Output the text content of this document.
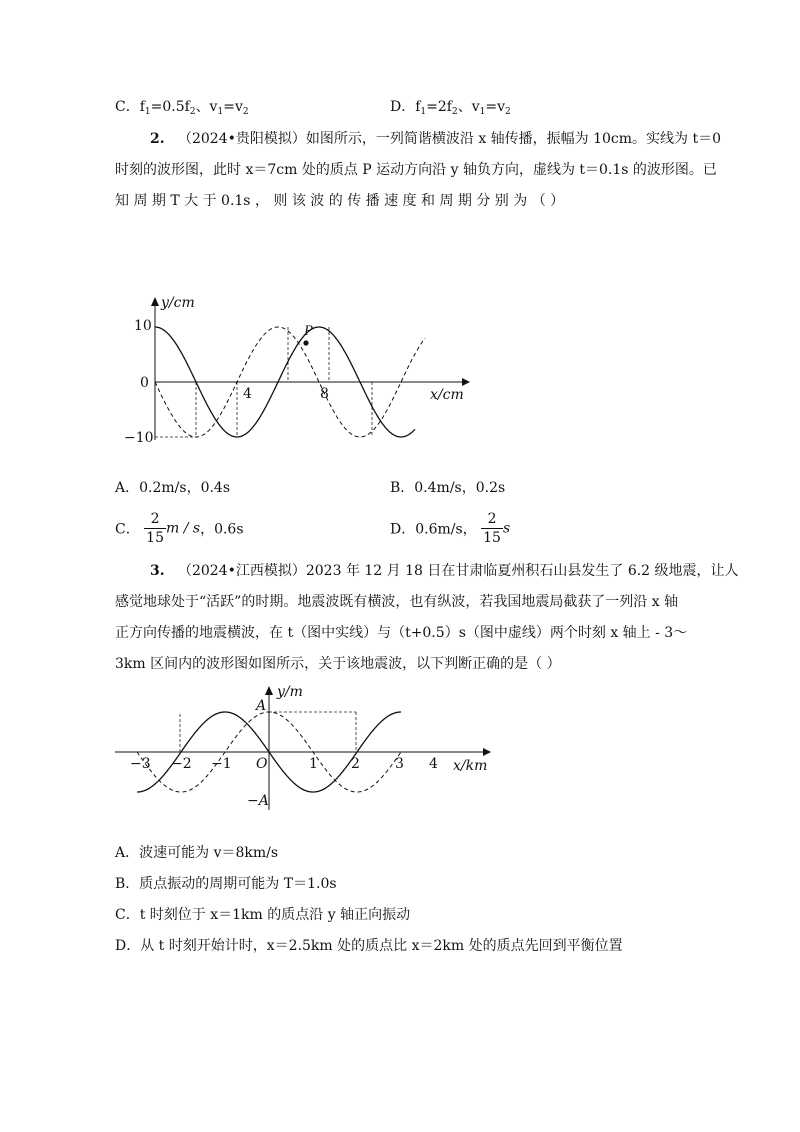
C．$f_1=0.5f_2$、$v_1=v_2$	D．$f_1=2f_2$、$v_1=v_2$
2. （2024•贵阳模拟）如图所示，一列简谐横波沿 x 轴传播，振幅为 10cm。实线为 t＝0
时刻的波形图，此时 x＝7cm 处的质点 P 运动方向沿 y 轴负方向，虚线为 t＝0.1s 的波形图。已
知 周 期 T 大 于 0.1s ， 则 该 波 的 传 播 速 度 和 周 期 分 别 为 （ ）
P
y/cm
x/cm
10
0
−10
4	8
A．0.2m/s，0.4s	B．0.4m/s，0.2s
C． $\frac{2}{15}$ m / s，0.6s	D．0.6m/s， $\frac{2}{15}$ s
3. （2024•江西模拟）2023 年 12 月 18 日在甘肃临夏州积石山县发生了 6.2 级地震，让人
感觉地球处于“活跃”的时期。地震波既有横波，也有纵波，若我国地震局截获了一列沿 x 轴
正方向传播的地震横波，在 t（图中实线）与（t+0.5）s（图中虚线）两个时刻 x 轴上 - 3～
3km 区间内的波形图如图所示，关于该地震波，以下判断正确的是（ ）
y/m
x/km
A
−A
O
−3 −2 −1	1 2	3 4
A．波速可能为 v＝8km/s
B．质点振动的周期可能为 T＝1.0s
C．t 时刻位于 x＝1km 的质点沿 y 轴正向振动
D．从 t 时刻开始计时，x＝2.5km 处的质点比 x＝2km 处的质点先回到平衡位置
